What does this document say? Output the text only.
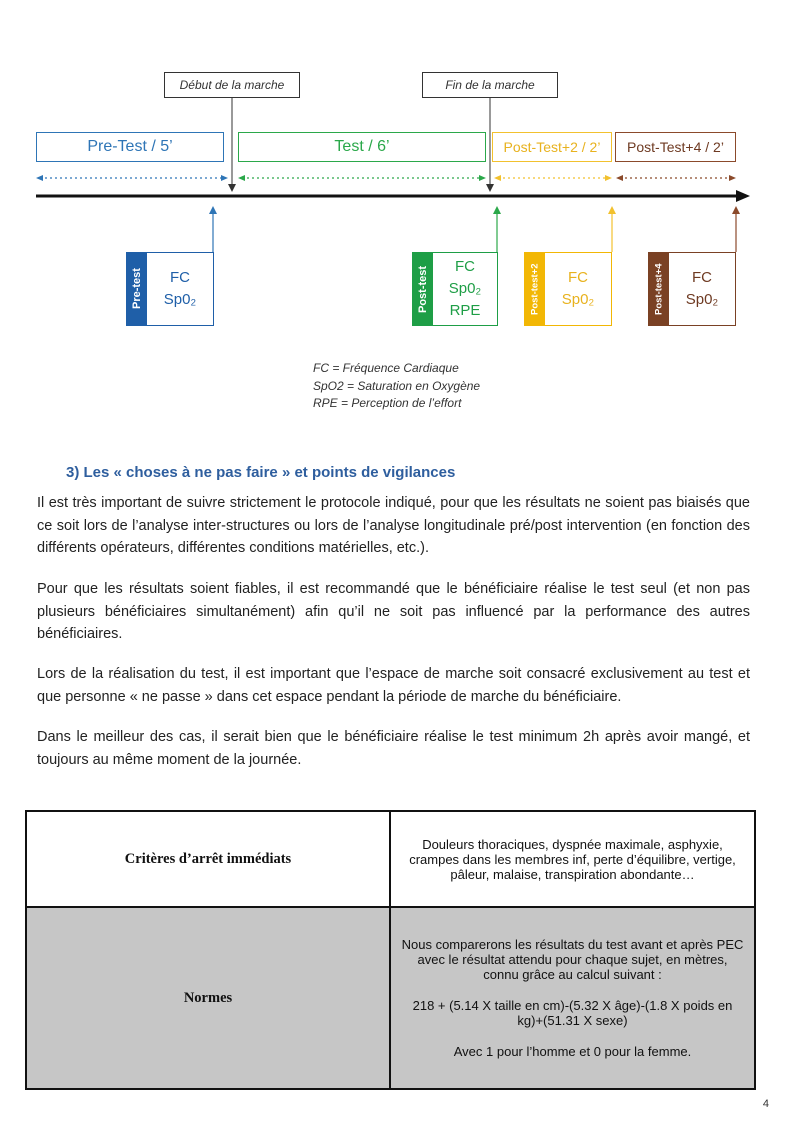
Début de la marche	Fin de la marche
Pre-Test / 5’	Test / 6’	Post-Test+2 / 2’	Post-Test+4 / 2’
Pre-test FC
Sp0₂	Post-test FC
Sp0₂
RPE	Post-test+2	FC
Sp0₂	Post-test+4	FC
Sp0₂
FC = Fréquence Cardiaque
SpO2 = Saturation en Oxygène
RPE = Perception de l’effort
3) Les « choses à ne pas faire » et points de vigilances
Il est très important de suivre strictement le protocole indiqué, pour que les résultats ne soient pas biaisés que ce soit lors de l’analyse inter-structures ou lors de l’analyse longitudinale pré/post intervention (en fonction des différents opérateurs, différentes conditions matérielles, etc.).
Pour que les résultats soient fiables, il est recommandé que le bénéficiaire réalise le test seul (et non pas plusieurs bénéficiaires simultanément) afin qu’il ne soit pas influencé par la performance des autres bénéficiaires.
Lors de la réalisation du test, il est important que l’espace de marche soit consacré exclusivement au test et que personne « ne passe » dans cet espace pendant la période de marche du bénéficiaire.
Dans le meilleur des cas, il serait bien que le bénéficiaire réalise le test minimum 2h après avoir mangé, et toujours au même moment de la journée.
Critères d’arrêt immédiats	Douleurs thoraciques, dyspnée maximale, asphyxie, crampes dans les membres inf, perte d’équilibre, vertige, pâleur, malaise, transpiration abondante…
Normes	Nous comparerons les résultats du test avant et après PEC avec le résultat attendu pour chaque sujet, en mètres, connu grâce au calcul suivant :
218 + (5.14 X taille en cm)-(5.32 X âge)-(1.8 X poids en kg)+(51.31 X sexe)
Avec 1 pour l’homme et 0 pour la femme.
4
